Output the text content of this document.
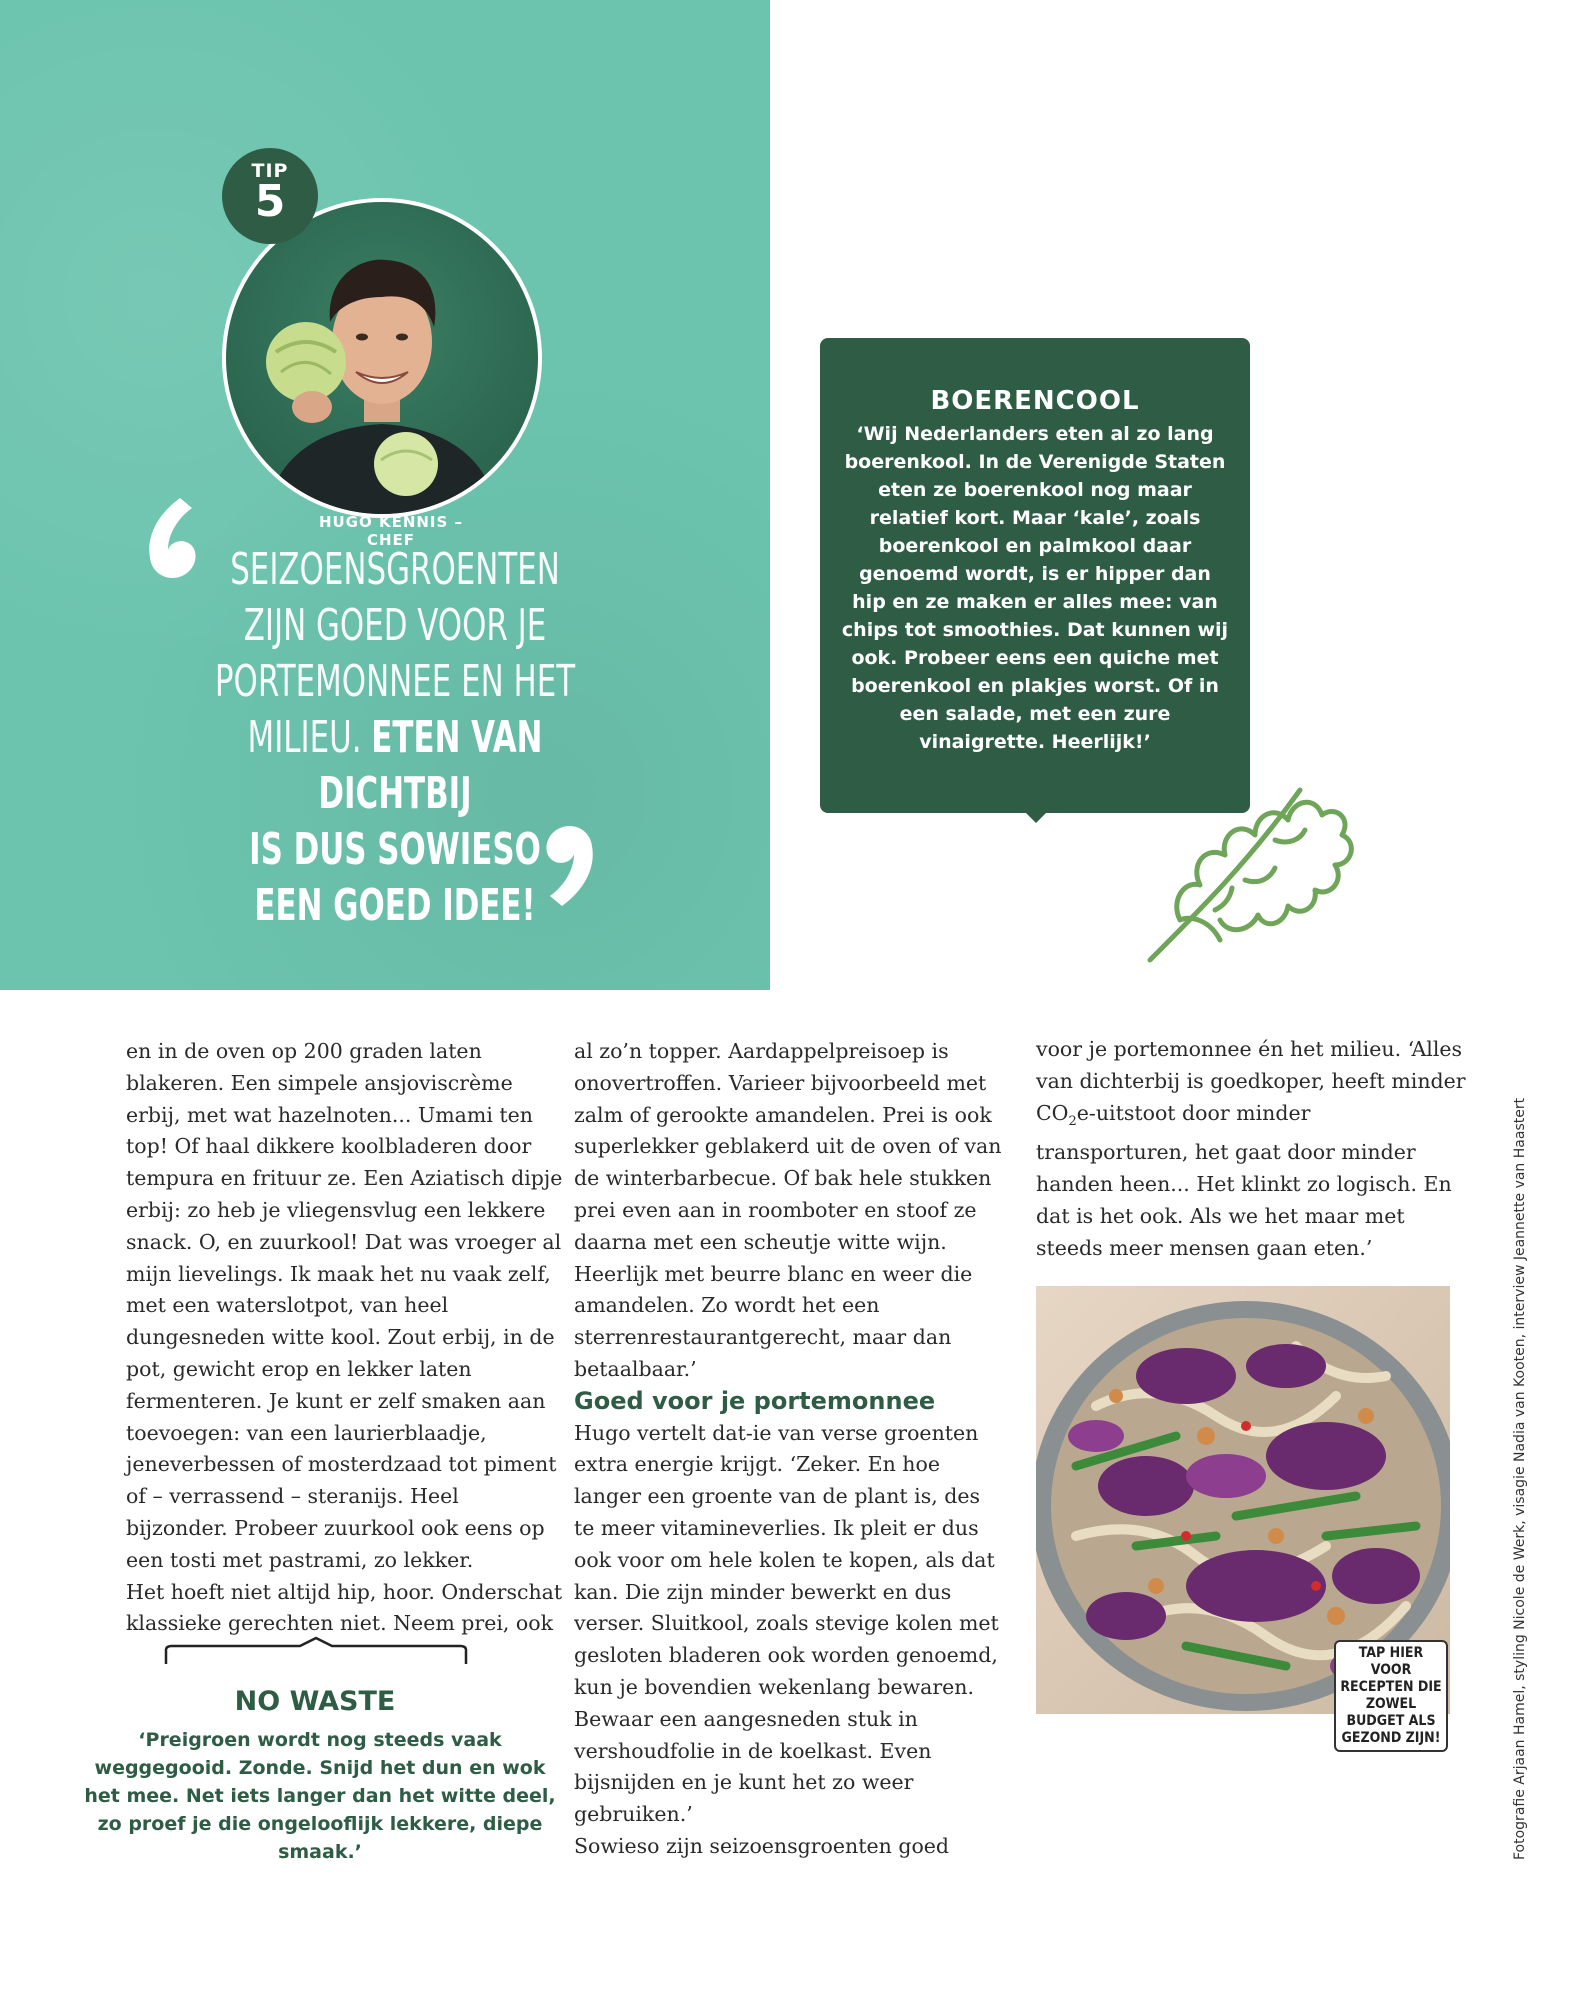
TIP
5
HUGO KENNIS – CHEF
SEIZOENSGROENTEN
ZIJN GOED VOOR JE
PORTEMONNEE EN HET
MILIEU. ETEN VAN DICHTBIJ
IS DUS SOWIESO
EEN GOED IDEE!
BOERENCOOL
‘Wij Nederlanders eten al zo lang boerenkool. In de Verenigde Staten eten ze boerenkool nog maar relatief kort. Maar ‘kale’, zoals boerenkool en palmkool daar genoemd wordt, is er hipper dan hip en ze maken er alles mee: van chips tot smoothies. Dat kunnen wij ook. Probeer eens een quiche met boerenkool en plakjes worst. Of in een salade, met een zure vinaigrette. Heerlijk!’

en in de oven op 200 graden laten blakeren. Een simpele ansjoviscrème erbij, met wat hazelnoten... Umami ten top! Of haal dikkere koolbladeren door tempura en frituur ze. Een Aziatisch dipje erbij: zo heb je vliegensvlug een lekkere snack. O, en zuurkool! Dat was vroeger al mijn lievelings. Ik maak het nu vaak zelf, met een waterslotpot, van heel dungesneden witte kool. Zout erbij, in de pot, gewicht erop en lekker laten fermenteren. Je kunt er zelf smaken aan toevoegen: van een laurierblaadje, jeneverbessen of mosterdzaad tot piment of – verrassend – steranijs. Heel bijzonder. Probeer zuurkool ook eens op een tosti met pastrami, zo lekker.

Het hoeft niet altijd hip, hoor. Onderschat klassieke gerechten niet. Neem prei, ook

al zo’n topper. Aardappelpreisoep is onovertroffen. Varieer bijvoorbeeld met zalm of gerookte amandelen. Prei is ook superlekker geblakerd uit de oven of van de winterbarbecue. Of bak hele stukken prei even aan in roomboter en stoof ze daarna met een scheutje witte wijn. Heerlijk met beurre blanc en weer die amandelen. Zo wordt het een sterrenrestaurantgerecht, maar dan betaalbaar.’

Goed voor je portemonnee

Hugo vertelt dat-ie van verse groenten extra energie krijgt. ‘Zeker. En hoe langer een groente van de plant is, des te meer vitamineverlies. Ik pleit er dus ook voor om hele kolen te kopen, als dat kan. Die zijn minder bewerkt en dus verser. Sluitkool, zoals stevige kolen met gesloten bladeren ook worden genoemd, kun je bovendien wekenlang bewaren. Bewaar een aangesneden stuk in vershoudfolie in de koelkast. Even bijsnijden en je kunt het zo weer gebruiken.’

Sowieso zijn seizoensgroenten goed

voor je portemonnee én het milieu. ‘Alles van dichterbij is goedkoper, heeft minder $CO_2e$-uitstoot door minder transporturen, het gaat door minder handen heen... Het klinkt zo logisch. En dat is het ook. Als we het maar met steeds meer mensen gaan eten.’

NO WASTE
‘Preigroen wordt nog steeds vaak weggegooid. Zonde. Snijd het dun en wok het mee. Net iets langer dan het witte deel, zo proef je die ongelooflijk lekkere, diepe smaak.’
TAP HIER VOOR RECEPTEN DIE ZOWEL BUDGET ALS GEZOND ZIJN!	Fotografie Arjaan Hamel, styling Nicole de Werk, visagie Nadia van Kooten, interview Jeannette van Haastert
